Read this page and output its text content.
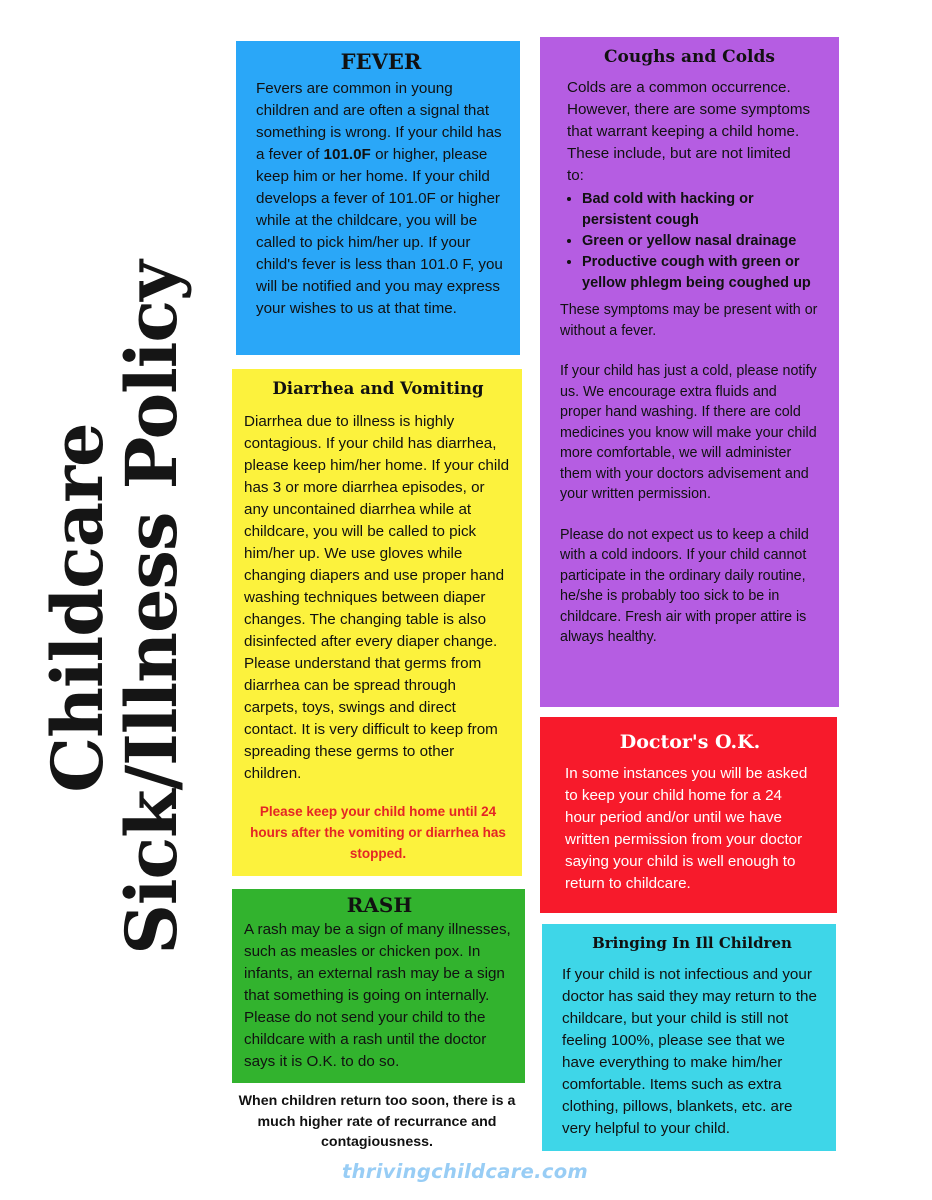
Childcare
Sick/Illness Policy
FEVER

Fevers are common in young children and are often a signal that something is wrong. If your child has a fever of 101.0F or higher, please keep him or her home. If your child develops a fever of 101.0F or higher while at the childcare, you will be called to pick him/her up. If your child's fever is less than 101.0 F, you will be notified and you may express your wishes to us at that time.

Coughs and Colds

Colds are a common occurrence. However, there are some symptoms that warrant keeping a child home. These include, but are not limited to:

• Bad cold with hacking or persistent cough
• Green or yellow nasal drainage
• Productive cough with green or yellow phlegm being coughed up

These symptoms may be present with or without a fever.

If your child has just a cold, please notify us. We encourage extra fluids and proper hand washing. If there are cold medicines you know will make your child more comfortable, we will administer them with your doctors advisement and your written permission.

Please do not expect us to keep a child with a cold indoors. If your child cannot participate in the ordinary daily routine, he/she is probably too sick to be in childcare. Fresh air with proper attire is always healthy.

Diarrhea and Vomiting

Diarrhea due to illness is highly contagious. If your child has diarrhea, please keep him/her home. If your child has 3 or more diarrhea episodes, or any uncontained diarrhea while at childcare, you will be called to pick him/her up. We use gloves while changing diapers and use proper hand washing techniques between diaper changes. The changing table is also disinfected after every diaper change. Please understand that germs from diarrhea can be spread through carpets, toys, swings and direct contact. It is very difficult to keep from spreading these germs to other children.

Please keep your child home until 24 hours after the vomiting or diarrhea has stopped.

Doctor's O.K.

In some instances you will be asked to keep your child home for a 24 hour period and/or until we have written permission from your doctor saying your child is well enough to return to childcare.

RASH

A rash may be a sign of many illnesses, such as measles or chicken pox. In infants, an external rash may be a sign that something is going on internally. Please do not send your child to the childcare with a rash until the doctor says it is O.K. to do so.

When children return too soon, there is a much higher rate of recurrance and contagiousness.
Bringing In Ill Children

If your child is not infectious and your doctor has said they may return to the childcare, but your child is still not feeling 100%, please see that we have everything to make him/her comfortable. Items such as extra clothing, pillows, blankets, etc. are very helpful to your child.

thrivingchildcare.com
